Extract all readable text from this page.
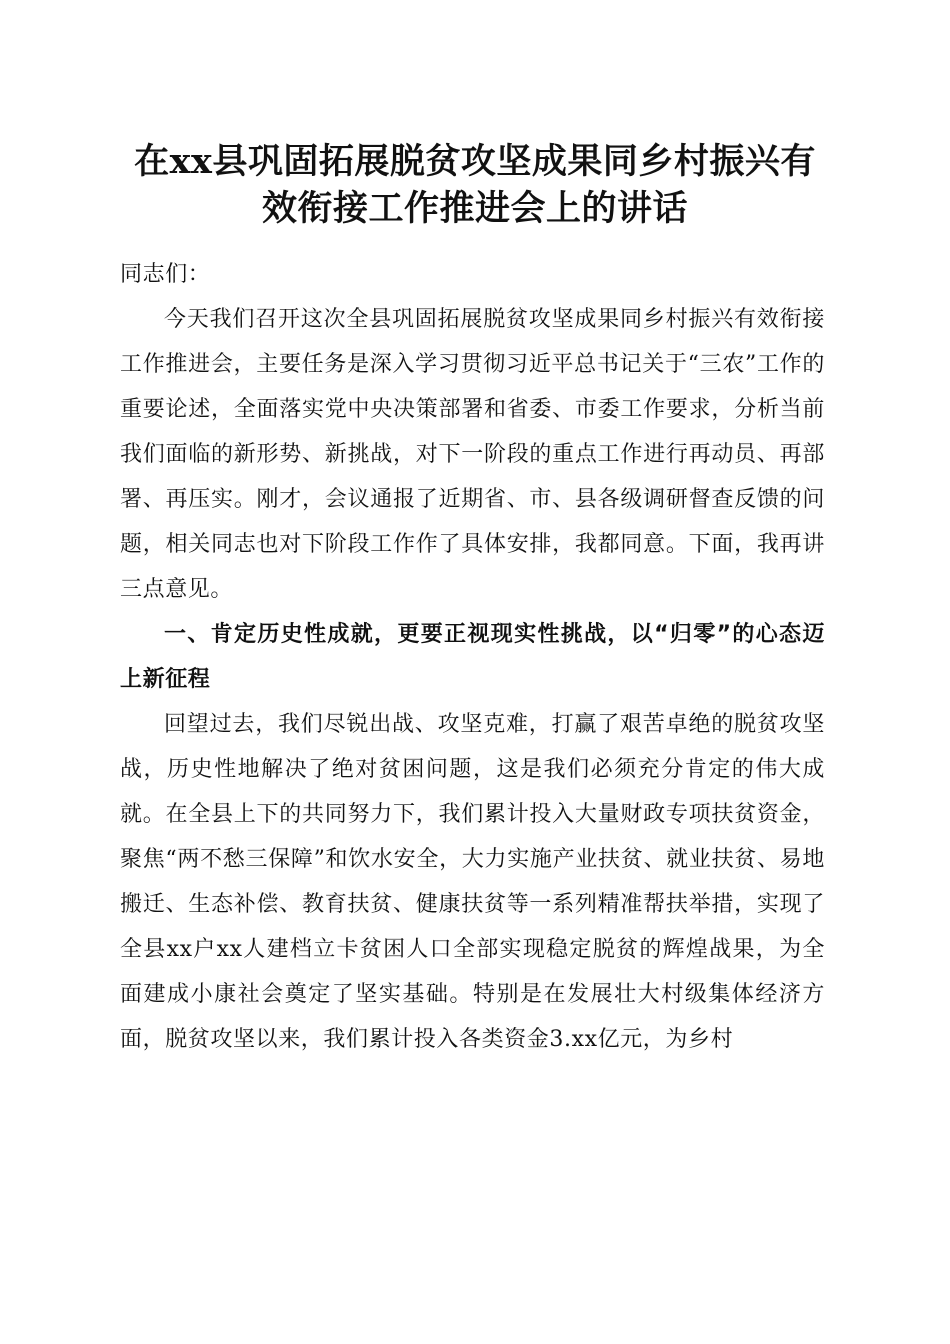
在xx县巩固拓展脱贫攻坚成果同乡村振兴有
效衔接工作推进会上的讲话

同志们：

今天我们召开这次全县巩固拓展脱贫攻坚成果同乡村振兴有效衔接工作推进会，主要任务是深入学习贯彻习近平总书记关于“三农”工作的重要论述，全面落实党中央决策部署和省委、市委工作要求，分析当前我们面临的新形势、新挑战，对下一阶段的重点工作进行再动员、再部署、再压实。刚才，会议通报了近期省、市、县各级调研督查反馈的问题，相关同志也对下阶段工作作了具体安排，我都同意。下面，我再讲三点意见。

一、肯定历史性成就，更要正视现实性挑战，以“归零”的心态迈上新征程

回望过去，我们尽锐出战、攻坚克难，打赢了艰苦卓绝的脱贫攻坚战，历史性地解决了绝对贫困问题，这是我们必须充分肯定的伟大成就。在全县上下的共同努力下，我们累计投入大量财政专项扶贫资金，聚焦“两不愁三保障”和饮水安全，大力实施产业扶贫、就业扶贫、易地搬迁、生态补偿、教育扶贫、健康扶贫等一系列精准帮扶举措，实现了全县xx户xx人建档立卡贫困人口全部实现稳定脱贫的辉煌战果，为全面建成小康社会奠定了坚实基础。特别是在发展壮大村级集体经济方面，脱贫攻坚以来，我们累计投入各类资金3.xx亿元，为乡村
